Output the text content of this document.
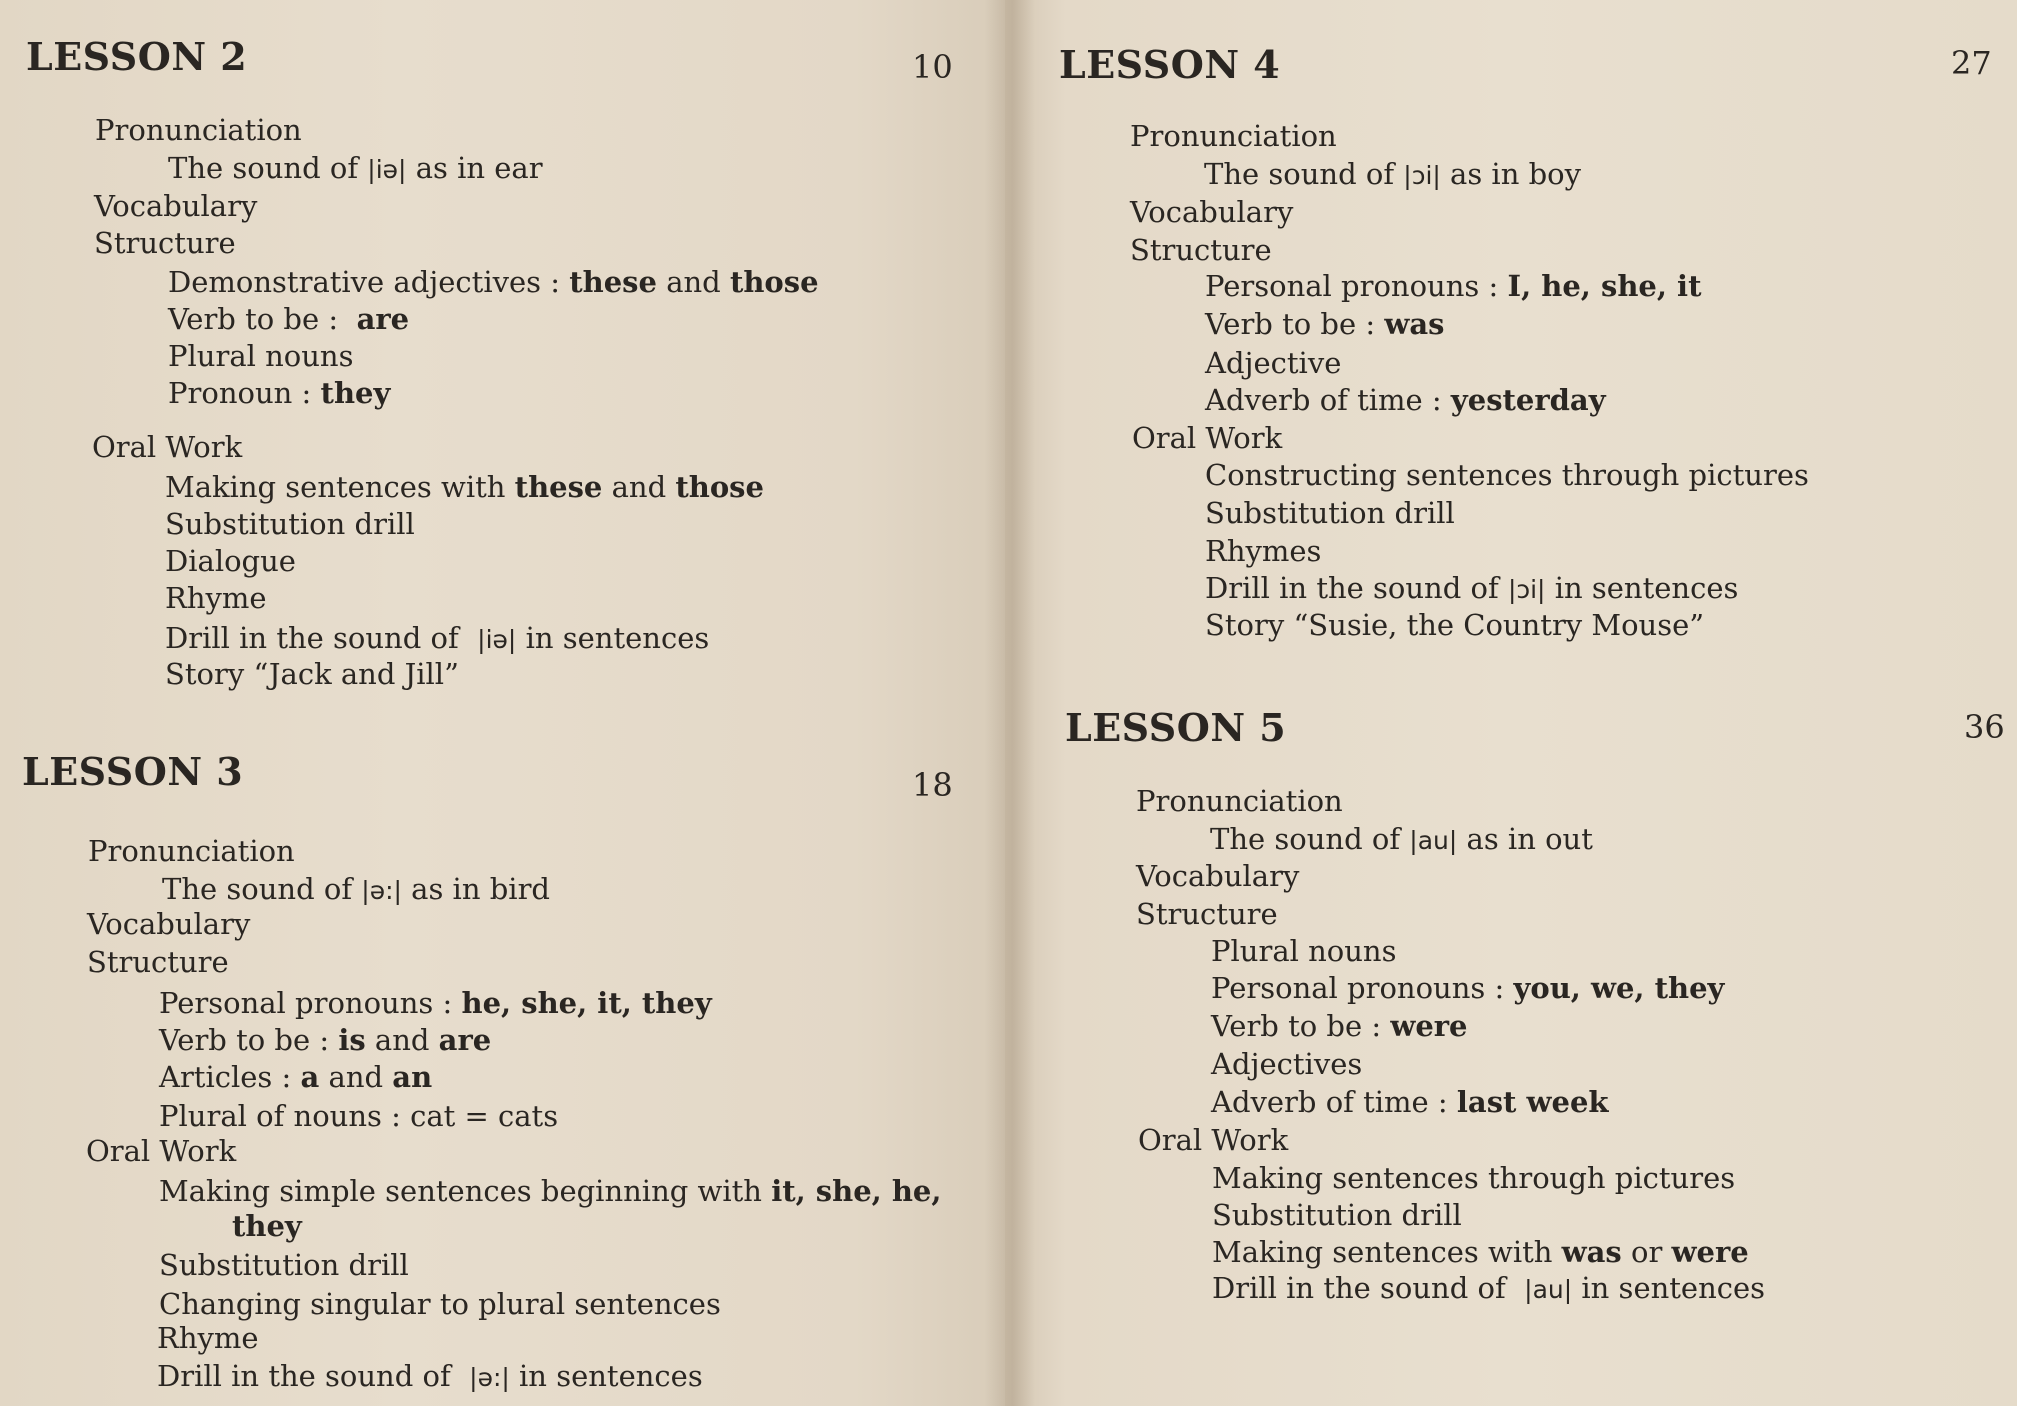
LESSON 2	10
Pronunciation
The sound of |iə| as in ear
Vocabulary
Structure
Demonstrative adjectives : these and those
Verb to be : are
Plural nouns
Pronoun : they
Oral Work
Making sentences with these and those
Substitution drill
Dialogue
Rhyme
Drill in the sound of |iə| in sentences
Story “Jack and Jill”
LESSON 3	18
Pronunciation
The sound of |ə:| as in bird
Vocabulary
Structure
Personal pronouns : he, she, it, they
Verb to be : is and are
Articles : a and an
Plural of nouns : cat = cats
Oral Work
Making simple sentences beginning with it, she, he,
they
Substitution drill
Changing singular to plural sentences
Rhyme
Drill in the sound of |ə:| in sentences
LESSON 4	27
Pronunciation
The sound of |ɔi| as in boy
Vocabulary
Structure
Personal pronouns : I, he, she, it
Verb to be : was
Adjective
Adverb of time : yesterday
Oral Work
Constructing sentences through pictures
Substitution drill
Rhymes
Drill in the sound of |ɔi| in sentences
Story “Susie, the Country Mouse”
LESSON 5	36
Pronunciation
The sound of |au| as in out
Vocabulary
Structure
Plural nouns
Personal pronouns : you, we, they
Verb to be : were
Adjectives
Adverb of time : last week
Oral Work
Making sentences through pictures
Substitution drill
Making sentences with was or were
Drill in the sound of |au| in sentences
